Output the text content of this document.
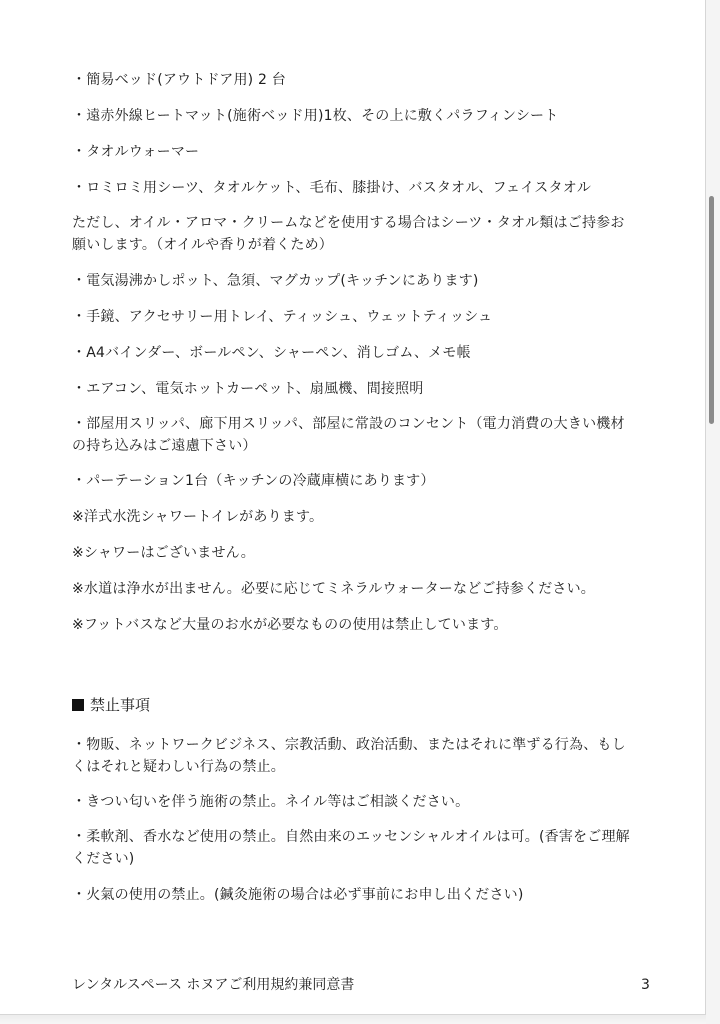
・簡易ベッド(アウトドア用) 2 台
・遠赤外線ヒートマット(施術ベッド用)1枚、その上に敷くパラフィンシート
・タオルウォーマー
・ロミロミ用シーツ、タオルケット、毛布、膝掛け、バスタオル、フェイスタオル
ただし、オイル・アロマ・クリームなどを使用する場合はシーツ・タオル類はご持参お
願いします。（オイルや香りが着くため）
・電気湯沸かしポット、急須、マグカップ(キッチンにあります)
・手鏡、アクセサリー用トレイ、ティッシュ、ウェットティッシュ
・A4バインダー、ボールペン、シャーペン、消しゴム、メモ帳
・エアコン、電気ホットカーペット、扇風機、間接照明
・部屋用スリッパ、廊下用スリッパ、部屋に常設のコンセント（電力消費の大きい機材
の持ち込みはご遠慮下さい）
・パーテーション1台（キッチンの冷蔵庫横にあります）
※洋式水洗シャワートイレがあります。
※シャワーはございません。
※水道は浄水が出ません。必要に応じてミネラルウォーターなどご持参ください。
※フットバスなど大量のお水が必要なものの使用は禁止しています。
禁止事項
・物販、ネットワークビジネス、宗教活動、政治活動、またはそれに準ずる行為、もし
くはそれと疑わしい行為の禁止。
・きつい匂いを伴う施術の禁止。ネイル等はご相談ください。
・柔軟剤、香水など使用の禁止。自然由来のエッセンシャルオイルは可。(香害をご理解
ください)
・火氣の使用の禁止。(鍼灸施術の場合は必ず事前にお申し出ください)
レンタルスペース ホヌアご利用規約兼同意書	3
